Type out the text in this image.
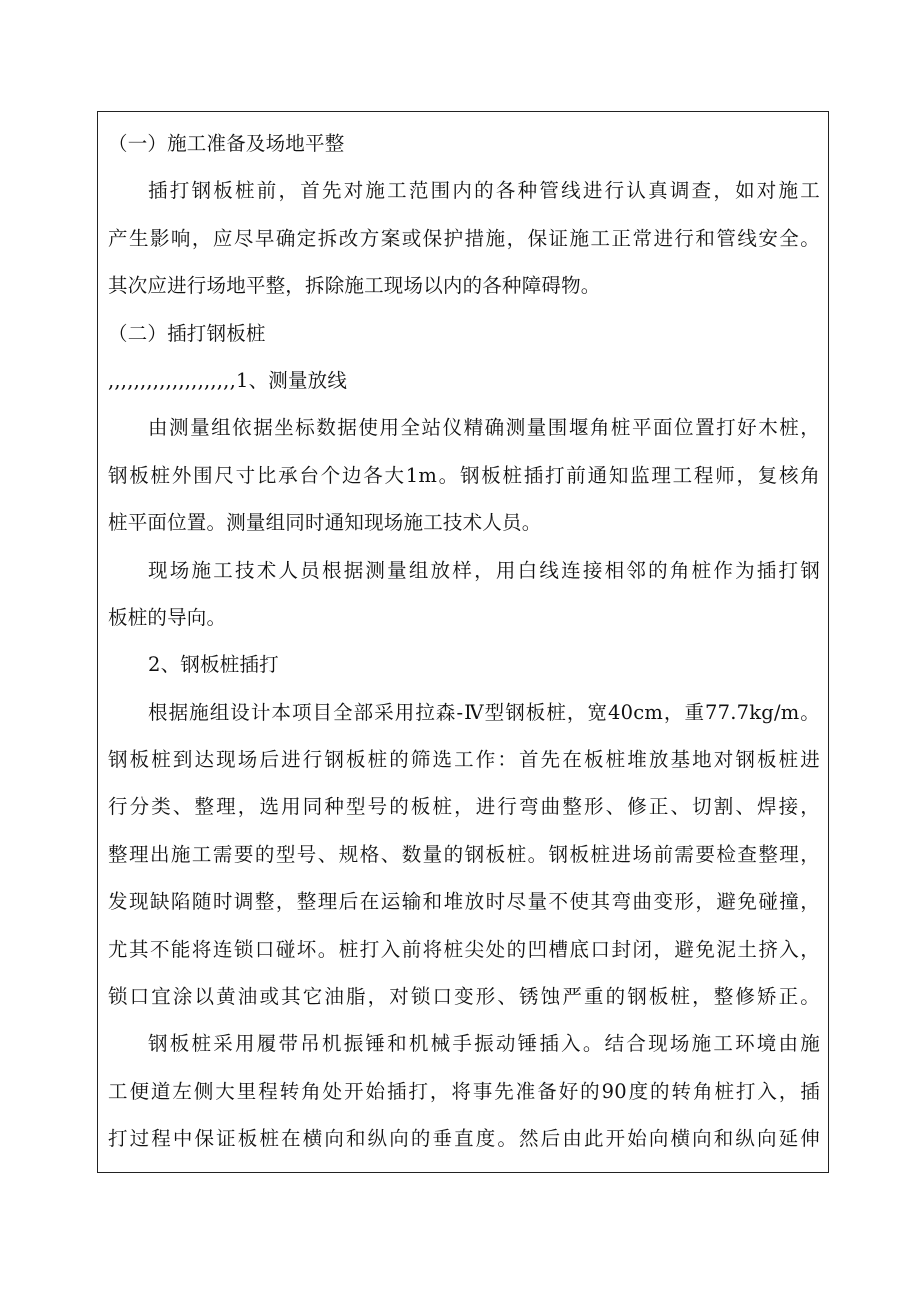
（一）施工准备及场地平整
插打钢板桩前，首先对施工范围内的各种管线进行认真调查，如对施工
产生影响，应尽早确定拆改方案或保护措施，保证施工正常进行和管线安全。
其次应进行场地平整，拆除施工现场以内的各种障碍物。
（二）插打钢板桩
,,,,,,,,,,,,,,,,,,,,1、测量放线
由测量组依据坐标数据使用全站仪精确测量围堰角桩平面位置打好木桩，
钢板桩外围尺寸比承台个边各大1m。钢板桩插打前通知监理工程师，复核角
桩平面位置。测量组同时通知现场施工技术人员。
现场施工技术人员根据测量组放样，用白线连接相邻的角桩作为插打钢
板桩的导向。
2、钢板桩插打
根据施组设计本项目全部采用拉森-Ⅳ型钢板桩，宽40cm，重77.7kg/m。
钢板桩到达现场后进行钢板桩的筛选工作：首先在板桩堆放基地对钢板桩进
行分类、整理，选用同种型号的板桩，进行弯曲整形、修正、切割、焊接，
整理出施工需要的型号、规格、数量的钢板桩。钢板桩进场前需要检查整理，
发现缺陷随时调整，整理后在运输和堆放时尽量不使其弯曲变形，避免碰撞，
尤其不能将连锁口碰坏。桩打入前将桩尖处的凹槽底口封闭，避免泥土挤入，
锁口宜涂以黄油或其它油脂，对锁口变形、锈蚀严重的钢板桩，整修矫正。
钢板桩采用履带吊机振锤和机械手振动锤插入。结合现场施工环境由施
工便道左侧大里程转角处开始插打，将事先准备好的90度的转角桩打入，插
打过程中保证板桩在横向和纵向的垂直度。然后由此开始向横向和纵向延伸
